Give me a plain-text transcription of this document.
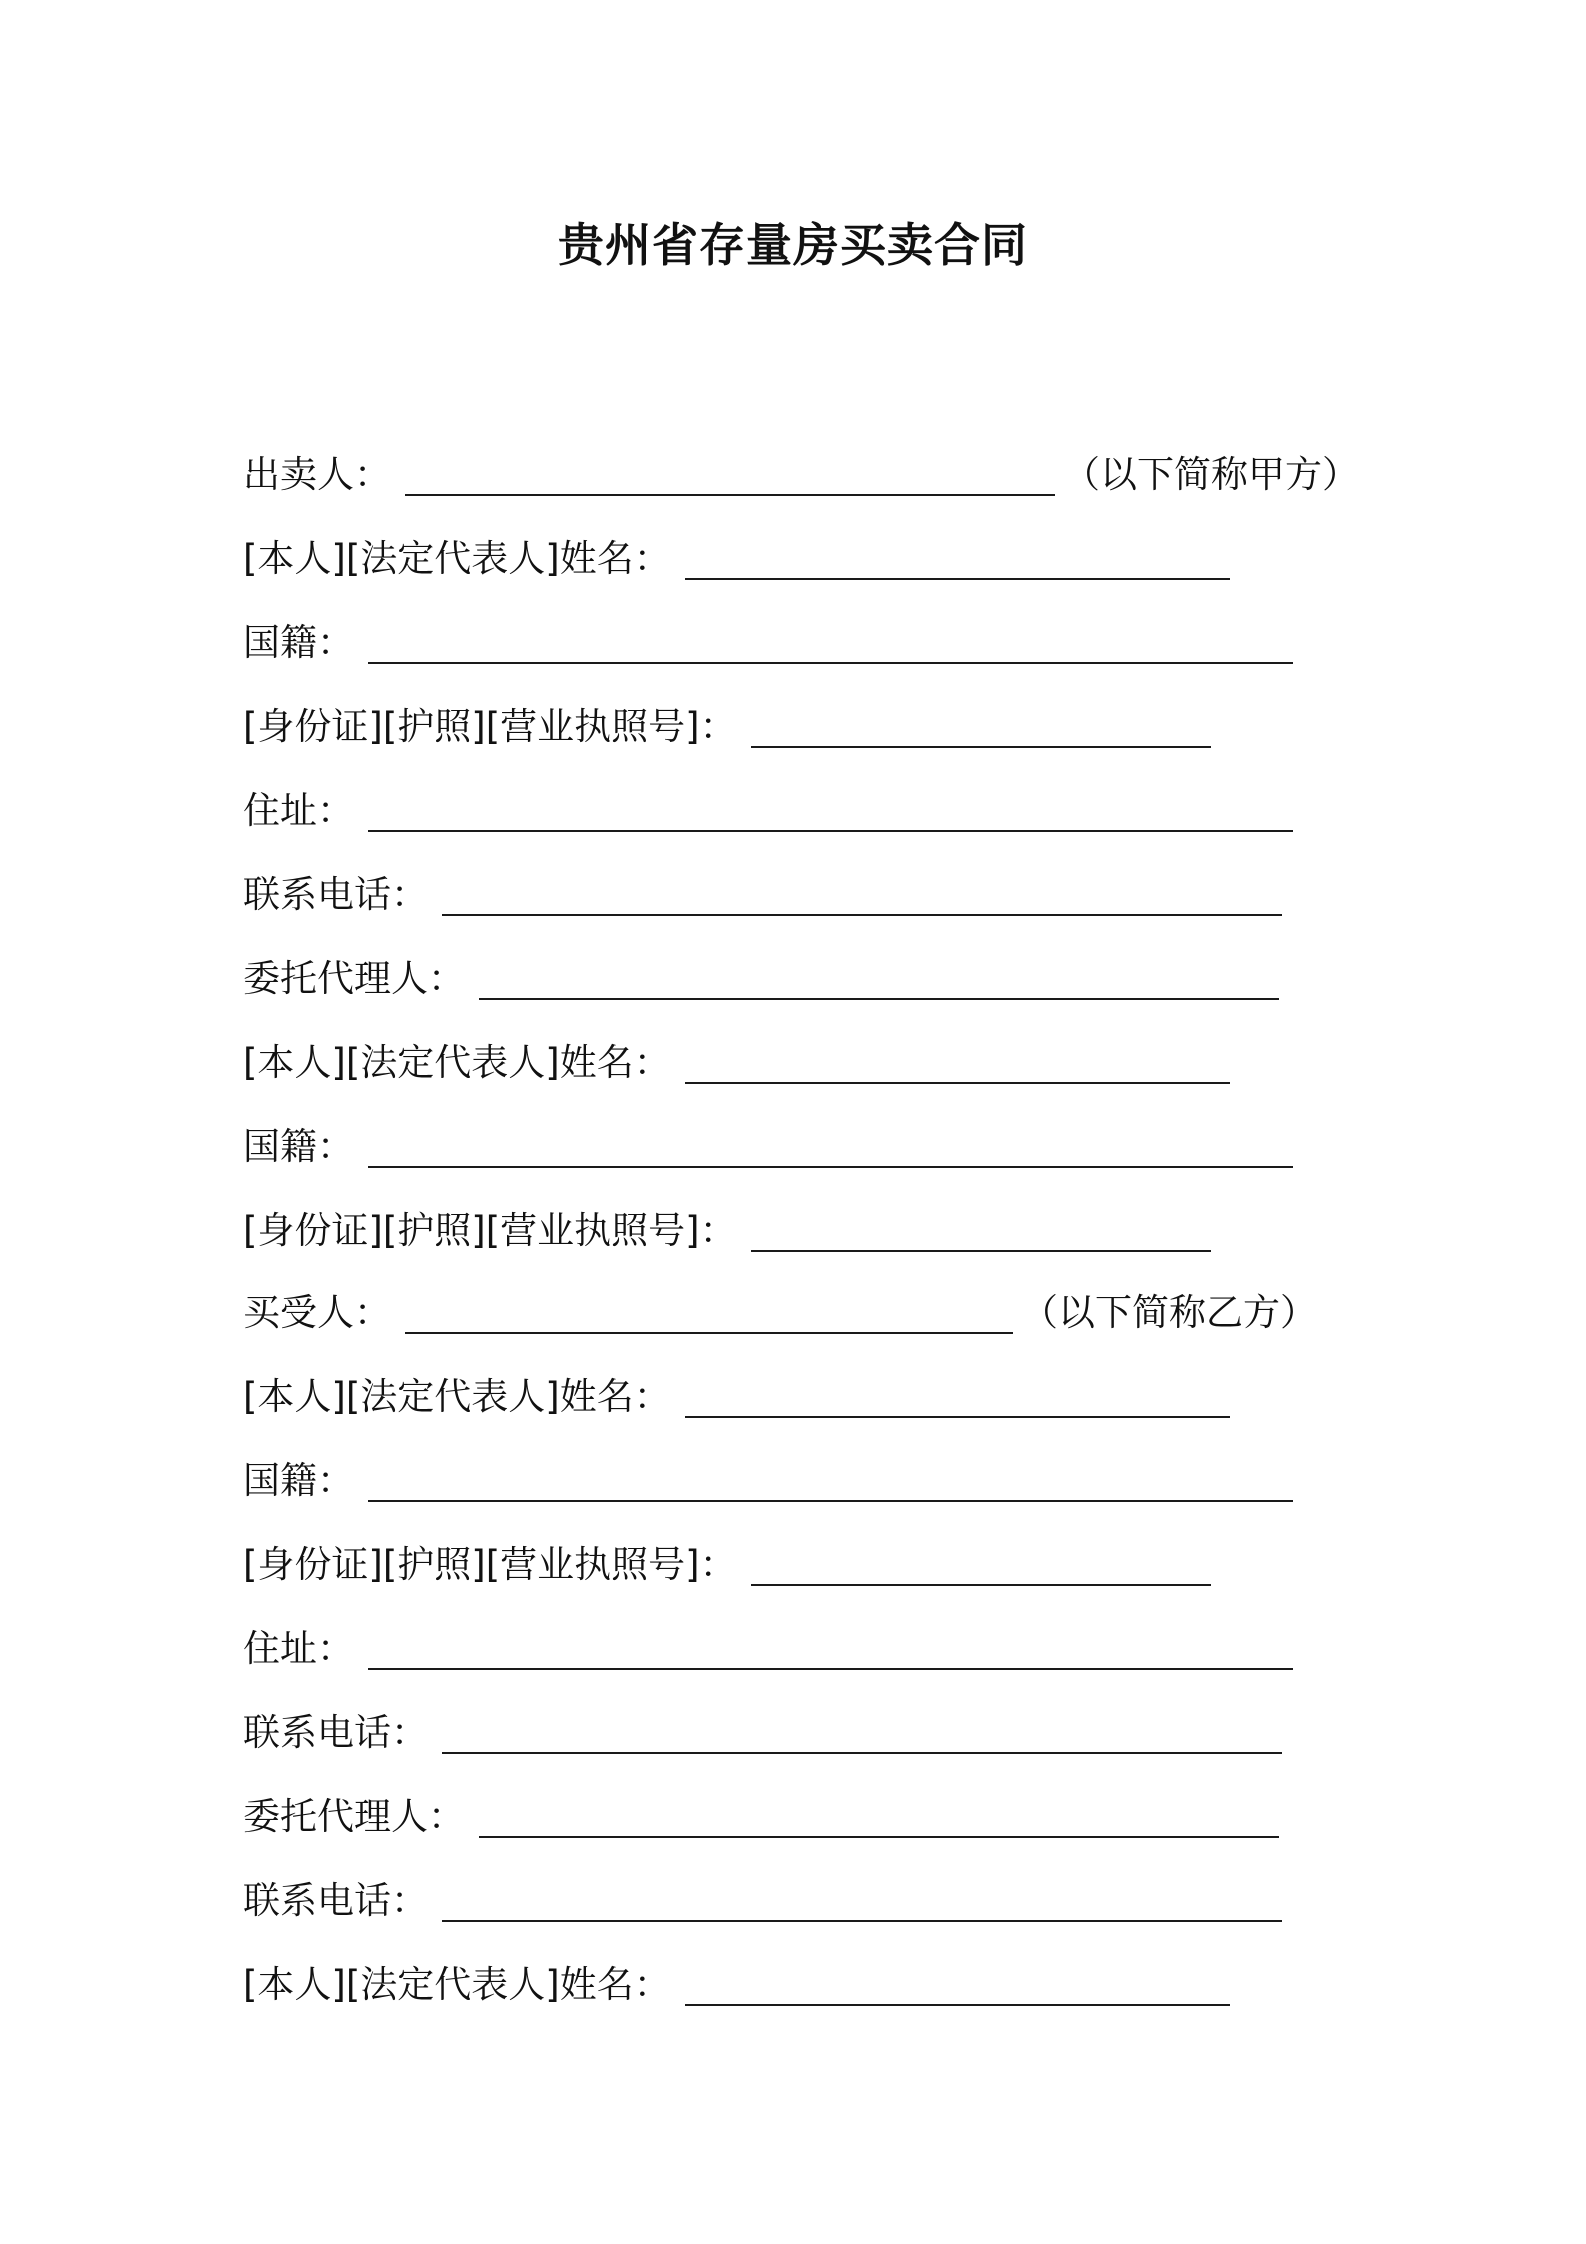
贵州省存量房买卖合同
出卖人：	（以下简称甲方）
[本人][法定代表人]姓名：
国籍：
[身份证][护照][营业执照号]：
住址：
联系电话：
委托代理人：
[本人][法定代表人]姓名：
国籍：
[身份证][护照][营业执照号]：
买受人：	（以下简称乙方）
[本人][法定代表人]姓名：
国籍：
[身份证][护照][营业执照号]：
住址：
联系电话：
委托代理人：
联系电话：
[本人][法定代表人]姓名：
